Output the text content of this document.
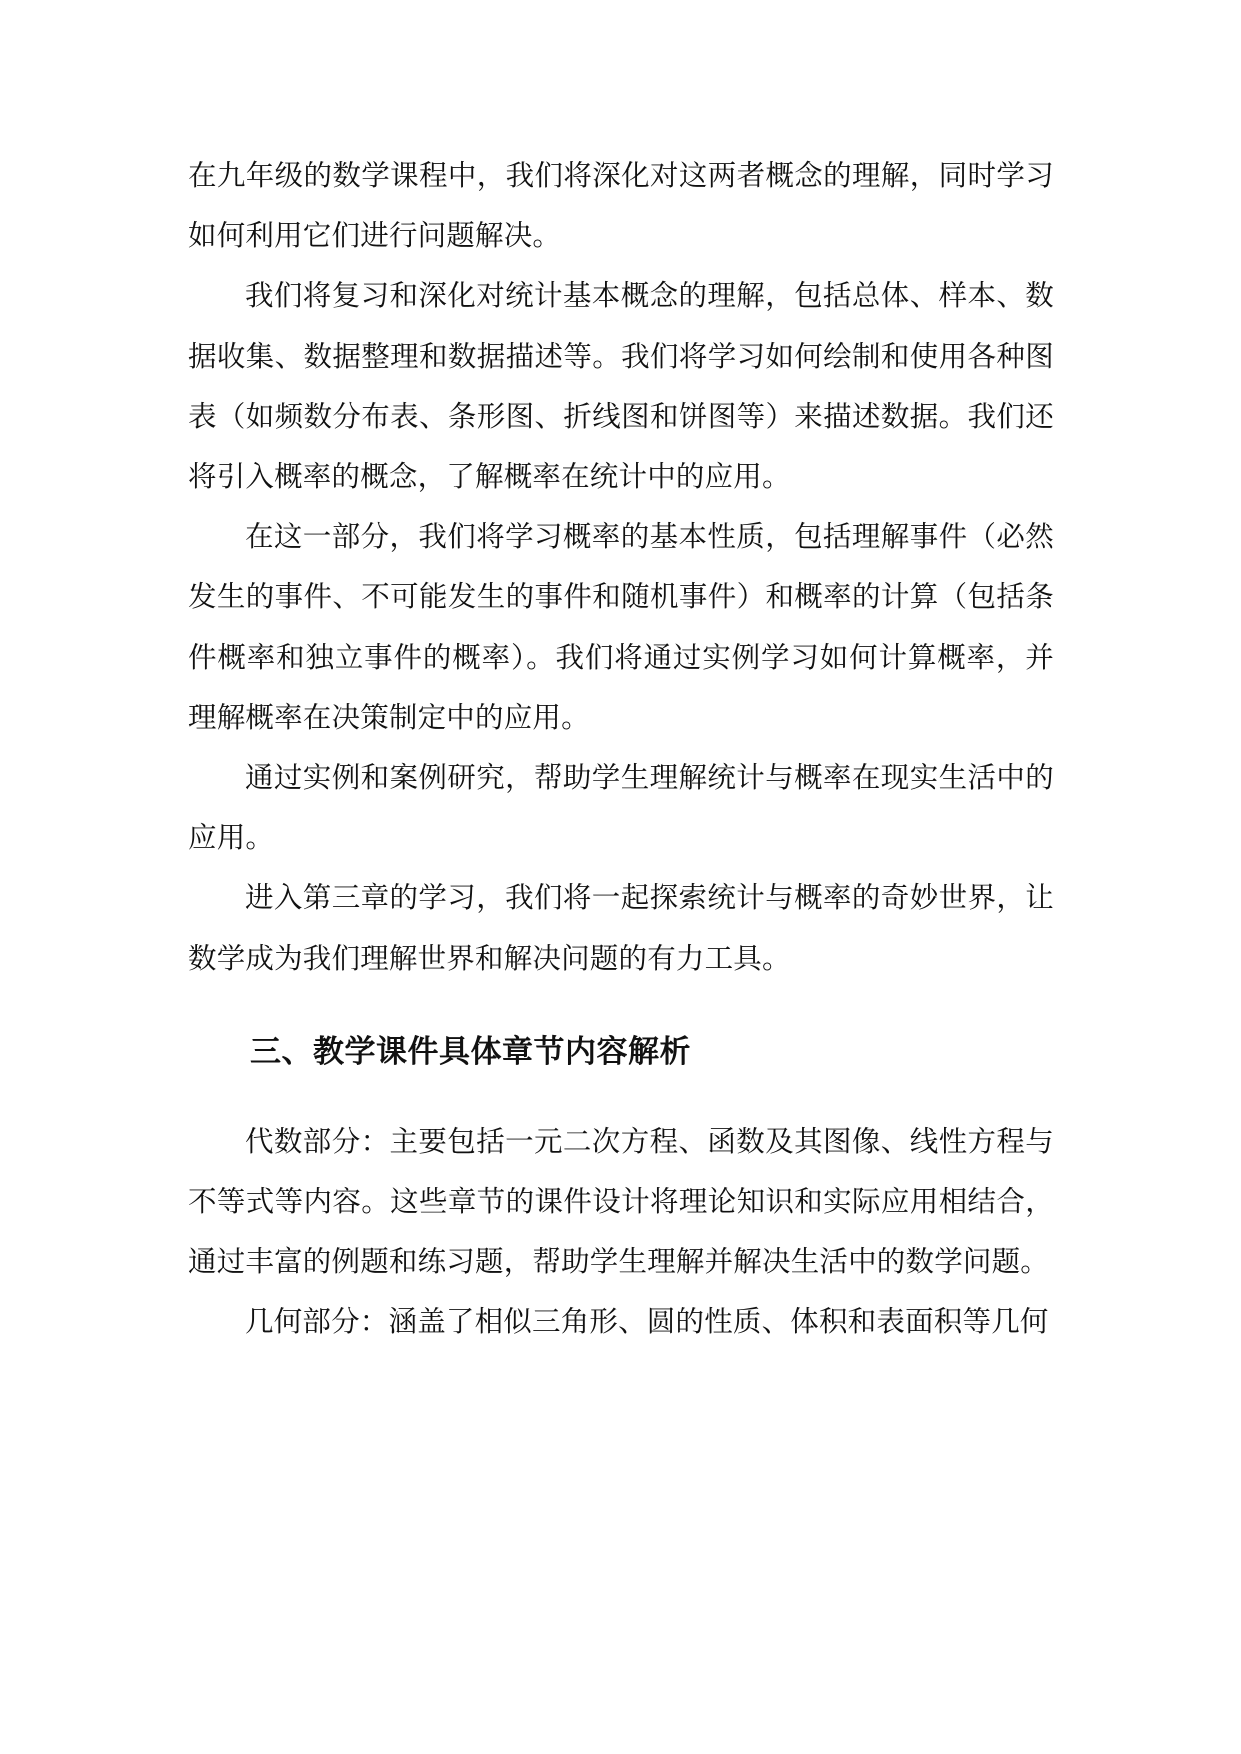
在九年级的数学课程中，我们将深化对这两者概念的理解，同时学习如何利用它们进行问题解决。

我们将复习和深化对统计基本概念的理解，包括总体、样本、数据收集、数据整理和数据描述等。我们将学习如何绘制和使用各种图表（如频数分布表、条形图、折线图和饼图等）来描述数据。我们还将引入概率的概念，了解概率在统计中的应用。

在这一部分，我们将学习概率的基本性质，包括理解事件（必然发生的事件、不可能发生的事件和随机事件）和概率的计算（包括条件概率和独立事件的概率）。我们将通过实例学习如何计算概率，并理解概率在决策制定中的应用。

通过实例和案例研究，帮助学生理解统计与概率在现实生活中的应用。

进入第三章的学习，我们将一起探索统计与概率的奇妙世界，让数学成为我们理解世界和解决问题的有力工具。

三、教学课件具体章节内容解析

代数部分：主要包括一元二次方程、函数及其图像、线性方程与不等式等内容。这些章节的课件设计将理论知识和实际应用相结合，通过丰富的例题和练习题，帮助学生理解并解决生活中的数学问题。

几何部分：涵盖了相似三角形、圆的性质、体积和表面积等几何
